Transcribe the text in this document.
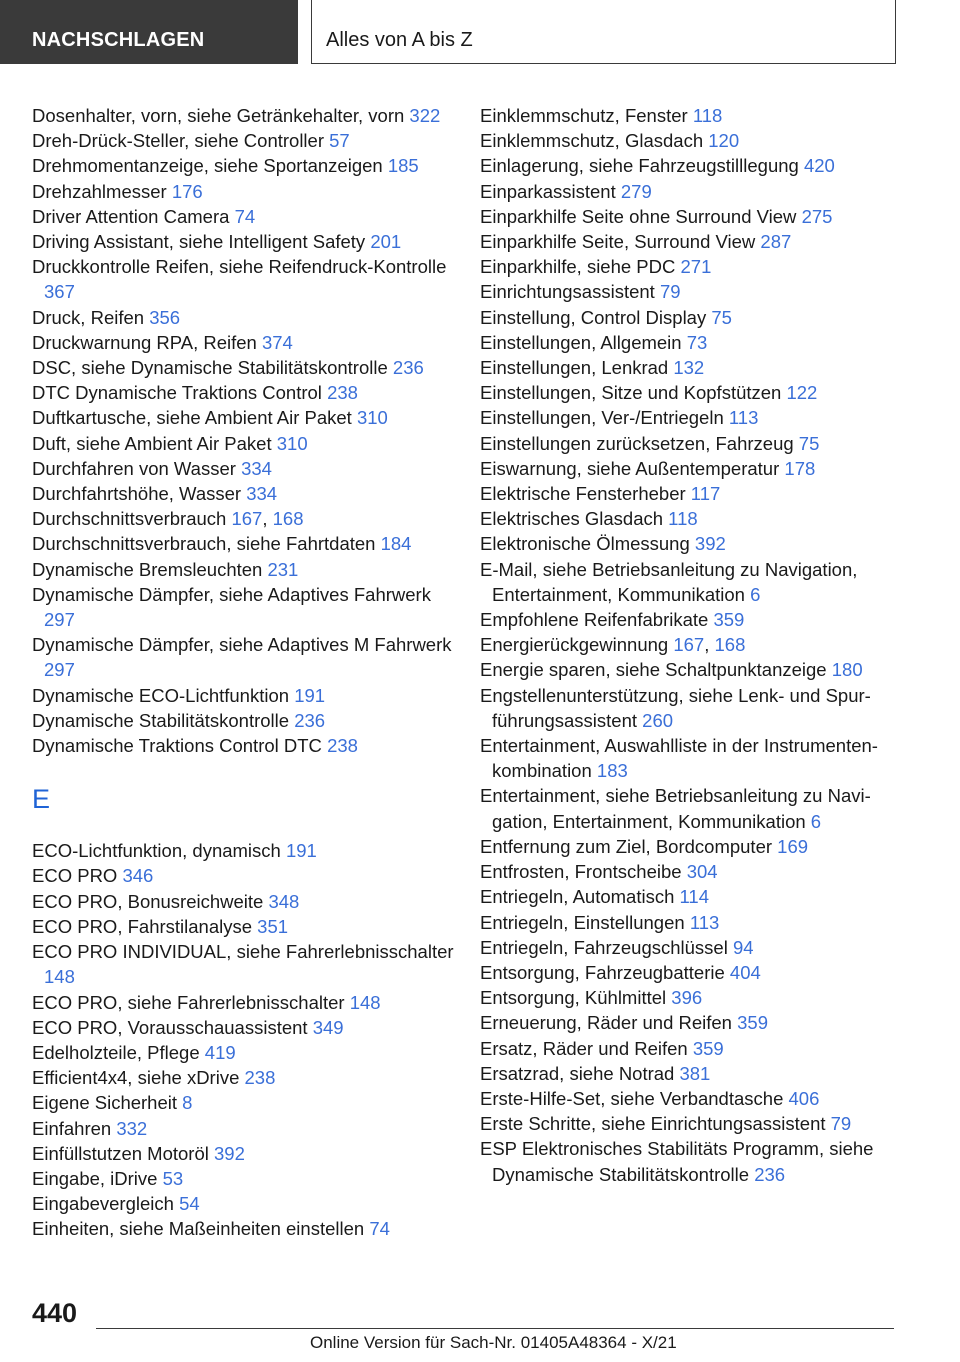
NACHSCHLAGEN	Alles von A bis Z
Dosenhalter, vorn, siehe Getränkehalter, vorn 322
Dreh-Drück-Steller, siehe Controller 57
Drehmomentanzeige, siehe Sportanzeigen 185
Drehzahlmesser 176
Driver Attention Camera 74
Driving Assistant, siehe Intelligent Safety 201
Druckkontrolle Reifen, siehe Reifendruck-Kontrolle 367
Druck, Reifen 356
Druckwarnung RPA, Reifen 374
DSC, siehe Dynamische Stabilitätskontrolle 236
DTC Dynamische Traktions Control 238
Duftkartusche, siehe Ambient Air Paket 310
Duft, siehe Ambient Air Paket 310
Durchfahren von Wasser 334
Durchfahrtshöhe, Wasser 334
Durchschnittsverbrauch 167, 168
Durchschnittsverbrauch, siehe Fahrtdaten 184
Dynamische Bremsleuchten 231
Dynamische Dämpfer, siehe Adaptives Fahrwerk 297
Dynamische Dämpfer, siehe Adaptives M Fahrwerk 297
Dynamische ECO-Lichtfunktion 191
Dynamische Stabilitätskontrolle 236
Dynamische Traktions Control DTC 238
E
ECO-Lichtfunktion, dynamisch 191
ECO PRO 346
ECO PRO, Bonusreichweite 348
ECO PRO, Fahrstilanalyse 351
ECO PRO INDIVIDUAL, siehe Fahrerlebnisschalter 148
ECO PRO, siehe Fahrerlebnisschalter 148
ECO PRO, Vorausschauassistent 349
Edelholzteile, Pflege 419
Efficient4x4, siehe xDrive 238
Eigene Sicherheit 8
Einfahren 332
Einfüllstutzen Motoröl 392
Eingabe, iDrive 53
Eingabevergleich 54
Einheiten, siehe Maßeinheiten einstellen 74
Einklemmschutz, Fenster 118
Einklemmschutz, Glasdach 120
Einlagerung, siehe Fahrzeugstilllegung 420
Einparkassistent 279
Einparkhilfe Seite ohne Surround View 275
Einparkhilfe Seite, Surround View 287
Einparkhilfe, siehe PDC 271
Einrichtungsassistent 79
Einstellung, Control Display 75
Einstellungen, Allgemein 73
Einstellungen, Lenkrad 132
Einstellungen, Sitze und Kopfstützen 122
Einstellungen, Ver-/Entriegeln 113
Einstellungen zurücksetzen, Fahrzeug 75
Eiswarnung, siehe Außentemperatur 178
Elektrische Fensterheber 117
Elektrisches Glasdach 118
Elektronische Ölmessung 392
E-Mail, siehe Betriebsanleitung zu Navigation, Entertainment, Kommunikation 6
Empfohlene Reifenfabrikate 359
Energierückgewinnung 167, 168
Energie sparen, siehe Schaltpunktanzeige 180
Engstellenunterstützung, siehe Lenk- und Spurführungsassistent 260
Entertainment, Auswahlliste in der Instrumentenkombination 183
Entertainment, siehe Betriebsanleitung zu Navigation, Entertainment, Kommunikation 6
Entfernung zum Ziel, Bordcomputer 169
Entfrosten, Frontscheibe 304
Entriegeln, Automatisch 114
Entriegeln, Einstellungen 113
Entriegeln, Fahrzeugschlüssel 94
Entsorgung, Fahrzeugbatterie 404
Entsorgung, Kühlmittel 396
Erneuerung, Räder und Reifen 359
Ersatz, Räder und Reifen 359
Ersatzrad, siehe Notrad 381
Erste-Hilfe-Set, siehe Verbandtasche 406
Erste Schritte, siehe Einrichtungsassistent 79
ESP Elektronisches Stabilitäts Programm, siehe Dynamische Stabilitätskontrolle 236
440
Online Version für Sach-Nr. 01405A48364 - X/21
